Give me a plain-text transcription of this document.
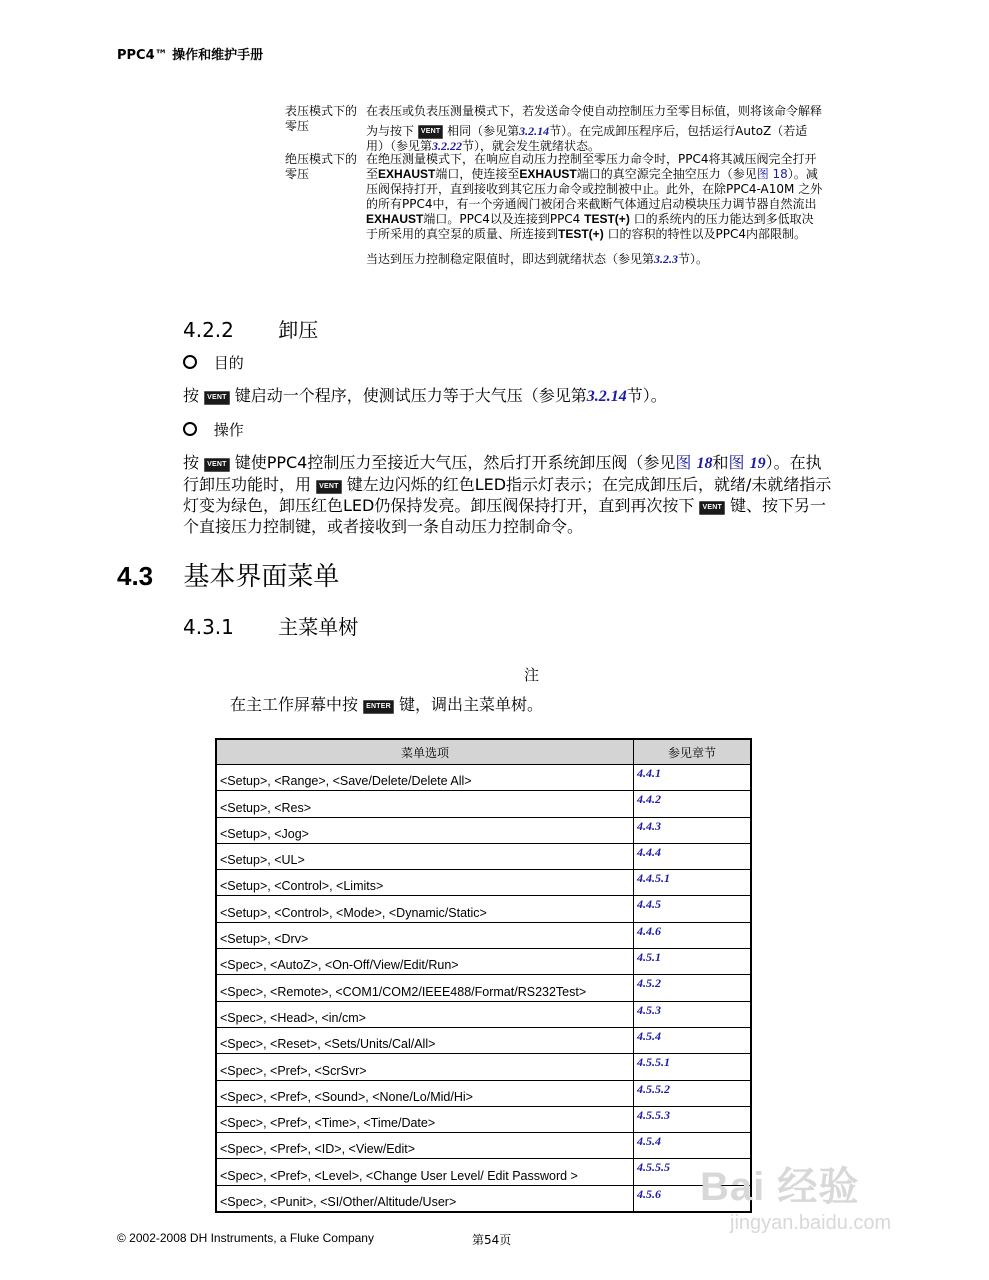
PPC4™ 操作和维护手册
表压模式下的零压
在表压或负表压测量模式下，若发送命令使自动控制压力至零目标值，则将该命令解释
为与按下 VENT 相同（参见第3.2.14节）。在完成卸压程序后，包括运行AutoZ（若适
用）（参见第3.2.22节），就会发生就绪状态。
绝压模式下的零压
在绝压测量模式下，在响应自动压力控制至零压力命令时，PPC4将其减压阀完全打开
至EXHAUST端口，使连接至EXHAUST端口的真空源完全抽空压力（参见图 18）。减
压阀保持打开，直到接收到其它压力命令或控制被中止。此外，在除PPC4-A10M 之外
的所有PPC4中，有一个旁通阀门被闭合来截断气体通过启动模块压力调节器自然流出
EXHAUST端口。PPC4以及连接到PPC4 TEST(+) 口的系统内的压力能达到多低取决
于所采用的真空泵的质量、所连接到TEST(+) 口的容积的特性以及PPC4内部限制。
当达到压力控制稳定限值时，即达到就绪状态（参见第3.2.3节）。
4.2.2 卸压
目的
按 VENT 键启动一个程序，使测试压力等于大气压（参见第3.2.14节）。
操作
按 VENT 键使PPC4控制压力至接近大气压，然后打开系统卸压阀（参见图 18和图 19）。在执
行卸压功能时，用 VENT 键左边闪烁的红色LED指示灯表示；在完成卸压后，就绪/未就绪指示
灯变为绿色，卸压红色LED仍保持发亮。卸压阀保持打开，直到再次按下 VENT 键、按下另一
个直接压力控制键，或者接收到一条自动压力控制命令。
4.3 基本界面菜单
4.3.1 主菜单树
注
在主工作屏幕中按 ENTER 键，调出主菜单树。
菜单选项	参见章节
<Setup>, <Range>, <Save/Delete/Delete All>	4.4.1
<Setup>, <Res>	4.4.2
<Setup>, <Jog>	4.4.3
<Setup>, <UL>	4.4.4
<Setup>, <Control>, <Limits>	4.4.5.1
<Setup>, <Control>, <Mode>, <Dynamic/Static>	4.4.5
<Setup>, <Drv>	4.4.6
<Spec>, <AutoZ>, <On-Off/View/Edit/Run>	4.5.1
<Spec>, <Remote>, <COM1/COM2/IEEE488/Format/RS232Test>	4.5.2
<Spec>, <Head>, <in/cm>	4.5.3
<Spec>, <Reset>, <Sets/Units/Cal/All>	4.5.4
<Spec>, <Pref>, <ScrSvr>	4.5.5.1
<Spec>, <Pref>, <Sound>, <None/Lo/Mid/Hi>	4.5.5.2
<Spec>, <Pref>, <Time>, <Time/Date>	4.5.5.3
<Spec>, <Pref>, <ID>, <View/Edit>	4.5.4
<Spec>, <Pref>, <Level>, <Change User Level/ Edit Password >	4.5.5.5
<Spec>, <Punit>, <SI/Other/Altitude/User>	4.5.6
© 2002-2008 DH Instruments, a Fluke Company	第54页
Bai 经验
jingyan.baidu.com
